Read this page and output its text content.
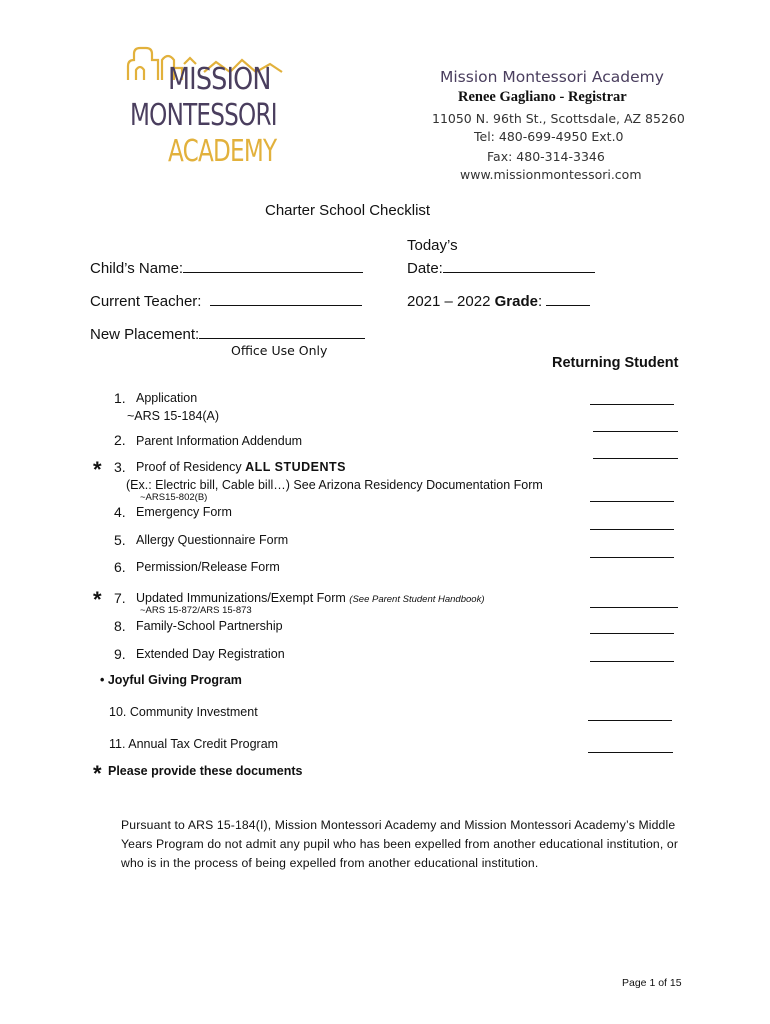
MISSION
MONTESSORI
ACADEMY
Mission Montessori Academy
Renee Gagliano - Registrar
11050 N. 96th St., Scottsdale, AZ 85260
Tel: 480-699-4950 Ext.0
Fax: 480-314-3346
www.missionmontessori.com
Charter School Checklist
Child’s Name:
Today’s
Date:
Current Teacher:	2021 – 2022 Grade:
New Placement:
Office Use Only
Returning Student
1. Application
~ARS 15-184(A)
2. Parent Information Addendum
* 3. Proof of Residency ALL STUDENTS
(Ex.: Electric bill, Cable bill…) See Arizona Residency Documentation Form
~ARS15-802(B)
4. Emergency Form
5. Allergy Questionnaire Form
6. Permission/Release Form
* 7. Updated Immunizations/Exempt Form (See Parent Student Handbook)
~ARS 15-872/ARS 15-873
8. Family-School Partnership
9. Extended Day Registration
• Joyful Giving Program
10. Community Investment
11. Annual Tax Credit Program
* Please provide these documents
Pursuant to ARS 15-184(I), Mission Montessori Academy and Mission Montessori Academy’s Middle Years Program do not admit any pupil who has been expelled from another educational institution, or who is in the process of being expelled from another educational institution.
Page 1 of 15
